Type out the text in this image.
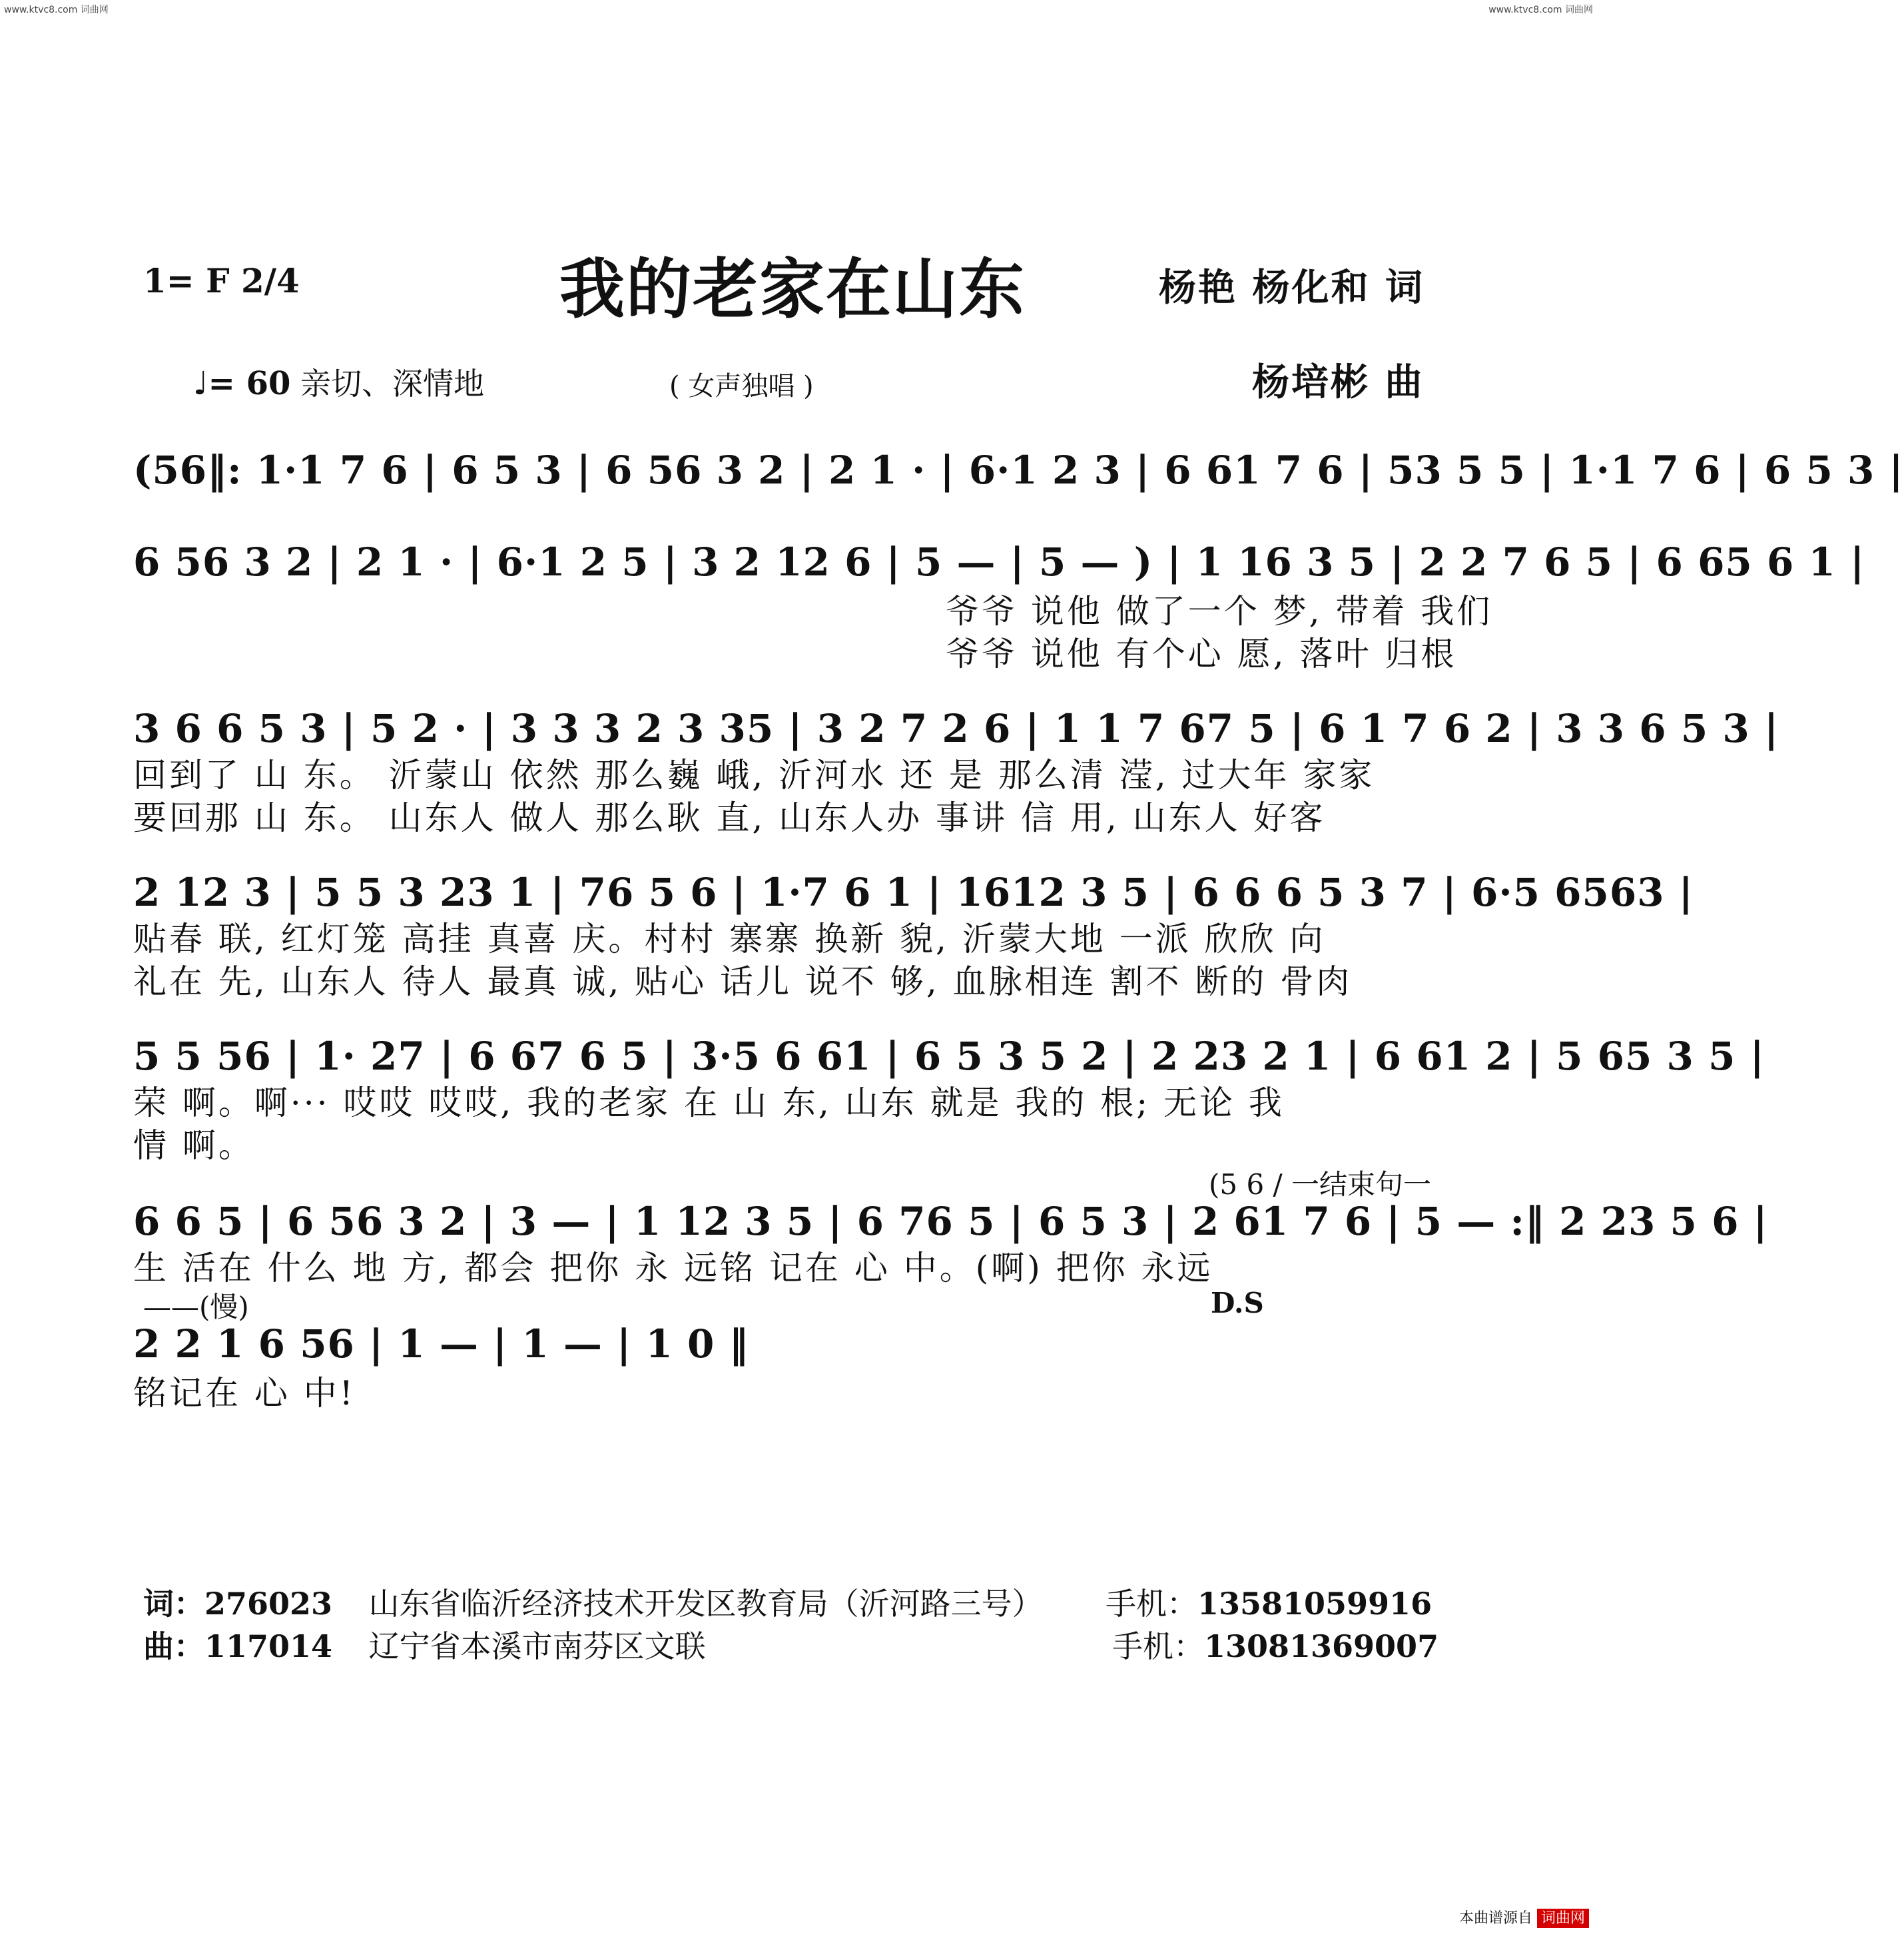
www.ktvc8.com 词曲网	www.ktvc8.com 词曲网
1= F 2/4	我的老家在山东	杨艳 杨化和 词
♩= 60 亲切、深情地	( 女声独唱 )	杨培彬 曲
(56‖: 1·1 7 6 | 6 5 3 | 6 56 3 2 | 2 1 · | 6·1 2 3 | 6 61 7 6 | 53 5 5 | 1·1 7 6 | 6 5 3 |
6 56 3 2 | 2 1 · | 6·1 2 5 | 3 2 12 6 | 5 — | 5 — ) | 1 16 3 5 | 2 2 7 6 5 | 6 65 6 1 |
爷爷 说他 做了一个 梦, 带着 我们
爷爷 说他 有个心 愿, 落叶 归根
3 6 6 5 3 | 5 2 · | 3 3 3 2 3 35 | 3 2 7 2 6 | 1 1 7 67 5 | 6 1 7 6 2 | 3 3 6 5 3 |
回到了 山 东。 沂蒙山 依然 那么巍 峨, 沂河水 还 是 那么清 滢, 过大年 家家
要回那 山 东。 山东人 做人 那么耿 直, 山东人办 事讲 信 用, 山东人 好客
2 12 3 | 5 5 3 23 1 | 76 5 6 | 1·7 6 1 | 1612 3 5 | 6 6 6 5 3 7 | 6·5 6563 |
贴春 联, 红灯笼 高挂 真喜 庆。村村 寨寨 换新 貌, 沂蒙大地 一派 欣欣 向
礼在 先, 山东人 待人 最真 诚, 贴心 话儿 说不 够, 血脉相连 割不 断的 骨肉
5 5 56 | 1· 27 | 6 67 6 5 | 3·5 6 61 | 6 5 3 5 2 | 2 23 2 1 | 6 61 2 | 5 65 3 5 |
荣 啊。啊··· 哎哎 哎哎, 我的老家 在 山 东, 山东 就是 我的 根; 无论 我
情 啊。
(5 6 / 一结束句一
6 6 5 | 6 56 3 2 | 3 — | 1 12 3 5 | 6 76 5 | 6 5 3 | 2 61 7 6 | 5 — :‖ 2 23 5 6 |
生 活在 什么 地 方, 都会 把你 永 远铭 记在 心 中。(啊) 把你 永远
——(慢)	D.S
2 2 1 6 56 | 1 — | 1 — | 1 0 ‖
铭记在 心 中!
词：276023 山东省临沂经济技术开发区教育局（沂河路三号） 手机：13581059916
曲：117014 辽宁省本溪市南芬区文联	手机：13081369007
本曲谱源自 词曲网
